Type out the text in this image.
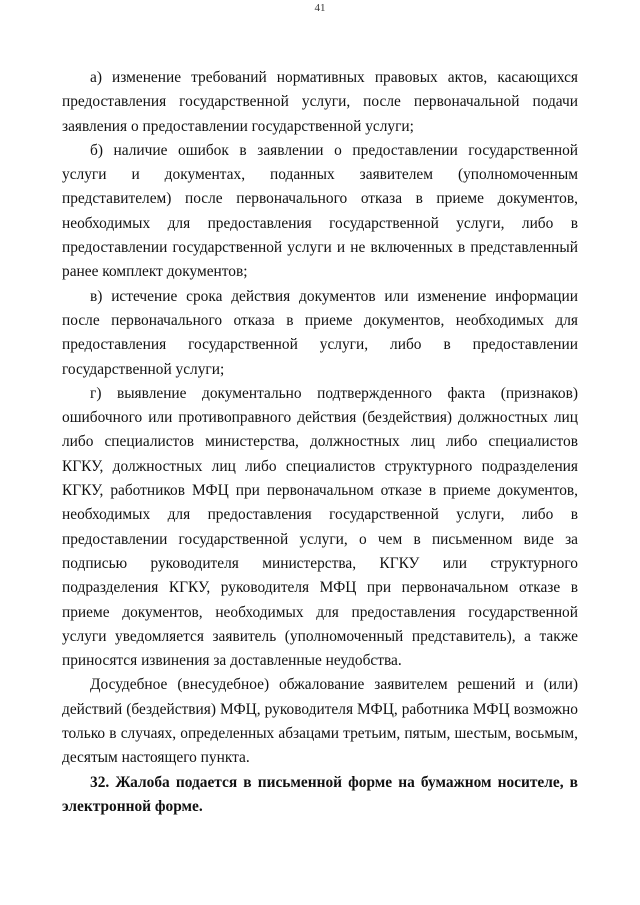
41

а) изменение требований нормативных правовых актов, касающихся предоставления государственной услуги, после первоначальной подачи заявления о предоставлении государственной услуги;

б) наличие ошибок в заявлении о предоставлении государственной услуги и документах, поданных заявителем (уполномоченным представителем) после первоначального отказа в приеме документов, необходимых для предоставления государственной услуги, либо в предоставлении государственной услуги и не включенных в представленный ранее комплект документов;

в) истечение срока действия документов или изменение информации после первоначального отказа в приеме документов, необходимых для предоставления государственной услуги, либо в предоставлении государственной услуги;

г) выявление документально подтвержденного факта (признаков) ошибочного или противоправного действия (бездействия) должностных лиц либо специалистов министерства, должностных лиц либо специалистов КГКУ, должностных лиц либо специалистов структурного подразделения КГКУ, работников МФЦ при первоначальном отказе в приеме документов, необходимых для предоставления государственной услуги, либо в предоставлении государственной услуги, о чем в письменном виде за подписью руководителя министерства, КГКУ или структурного подразделения КГКУ, руководителя МФЦ при первоначальном отказе в приеме документов, необходимых для предоставления государственной услуги уведомляется заявитель (уполномоченный представитель), а также приносятся извинения за доставленные неудобства.

Досудебное (внесудебное) обжалование заявителем решений и (или) действий (бездействия) МФЦ, руководителя МФЦ, работника МФЦ возможно только в случаях, определенных абзацами третьим, пятым, шестым, восьмым, десятым настоящего пункта.

32. Жалоба подается в письменной форме на бумажном носителе, в электронной форме.
